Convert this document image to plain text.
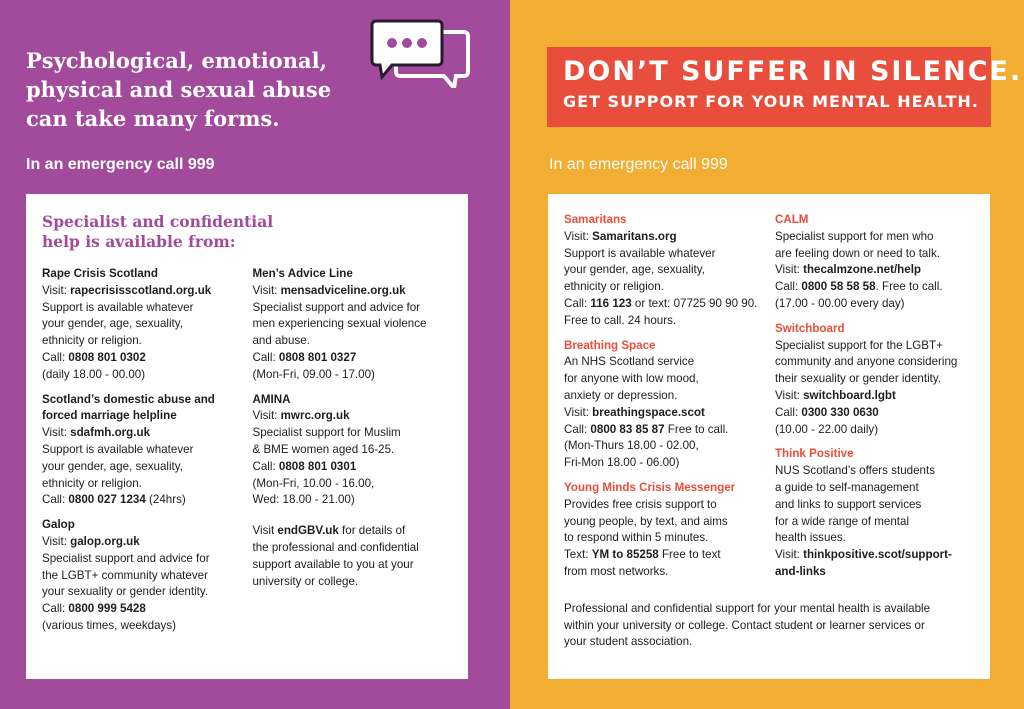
Psychological, emotional,
physical and sexual abuse
can take many forms.
In an emergency call 999
DON’T SUFFER IN SILENCE.
GET SUPPORT FOR YOUR MENTAL HEALTH.
In an emergency call 999
Specialist and confidential
help is available from:
Rape Crisis Scotland
Visit: rapecrisisscotland.org.uk
Support is available whatever
your gender, age, sexuality,
ethnicity or religion.
Call: 0808 801 0302
(daily 18.00 - 00.00)
Scotland’s domestic abuse and
forced marriage helpline
Visit: sdafmh.org.uk
Support is available whatever
your gender, age, sexuality,
ethnicity or religion.
Call: 0800 027 1234 (24hrs)
Galop
Visit: galop.org.uk
Specialist support and advice for
the LGBT+ community whatever
your sexuality or gender identity.
Call: 0800 999 5428
(various times, weekdays)
Men’s Advice Line
Visit: mensadviceline.org.uk
Specialist support and advice for
men experiencing sexual violence
and abuse.
Call: 0808 801 0327
(Mon-Fri, 09.00 - 17.00)
AMINA
Visit: mwrc.org.uk
Specialist support for Muslim
& BME women aged 16-25.
Call: 0808 801 0301
(Mon-Fri, 10.00 - 16.00,
Wed: 18.00 - 21.00)
Visit endGBV.uk for details of
the professional and confidential
support available to you at your
university or college.
Samaritans
Visit: Samaritans.org
Support is available whatever
your gender, age, sexuality,
ethnicity or religion.
Call: 116 123 or text: 07725 90 90 90.
Free to call. 24 hours.
Breathing Space
An NHS Scotland service
for anyone with low mood,
anxiety or depression.
Visit: breathingspace.scot
Call: 0800 83 85 87 Free to call.
(Mon-Thurs 18.00 - 02.00,
Fri-Mon 18.00 - 06.00)
Young Minds Crisis Messenger
Provides free crisis support to
young people, by text, and aims
to respond within 5 minutes.
Text: YM to 85258 Free to text
from most networks.
CALM
Specialist support for men who
are feeling down or need to talk.
Visit: thecalmzone.net/help
Call: 0800 58 58 58. Free to call.
(17.00 - 00.00 every day)
Switchboard
Specialist support for the LGBT+
community and anyone considering
their sexuality or gender identity.
Visit: switchboard.lgbt
Call: 0300 330 0630
(10.00 - 22.00 daily)
Think Positive
NUS Scotland’s offers students
a guide to self-management
and links to support services
for a wide range of mental
health issues.
Visit: thinkpositive.scot/support-
and-links
Professional and confidential support for your mental health is available
within your university or college. Contact student or learner services or
your student association.
